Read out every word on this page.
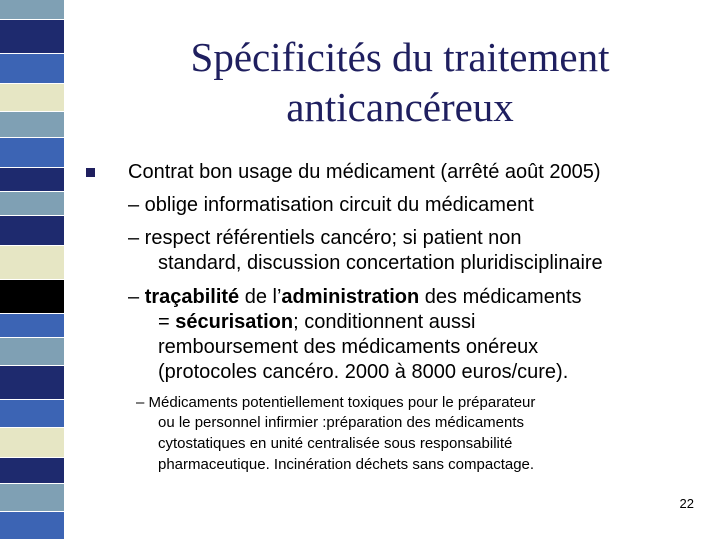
Spécificités du traitement
anticancéreux
Contrat bon usage du médicament (arrêté août 2005)
– oblige informatisation circuit du médicament
– respect référentiels cancéro; si patient non
standard, discussion concertation pluridisciplinaire
– traçabilité de l’administration des médicaments
= sécurisation; conditionnent aussi
remboursement des médicaments onéreux
(protocoles cancéro. 2000 à 8000 euros/cure).
– Médicaments potentiellement toxiques pour le préparateur
ou le personnel infirmier :préparation des médicaments
cytostatiques en unité centralisée sous responsabilité
pharmaceutique. Incinération déchets sans compactage.
22
